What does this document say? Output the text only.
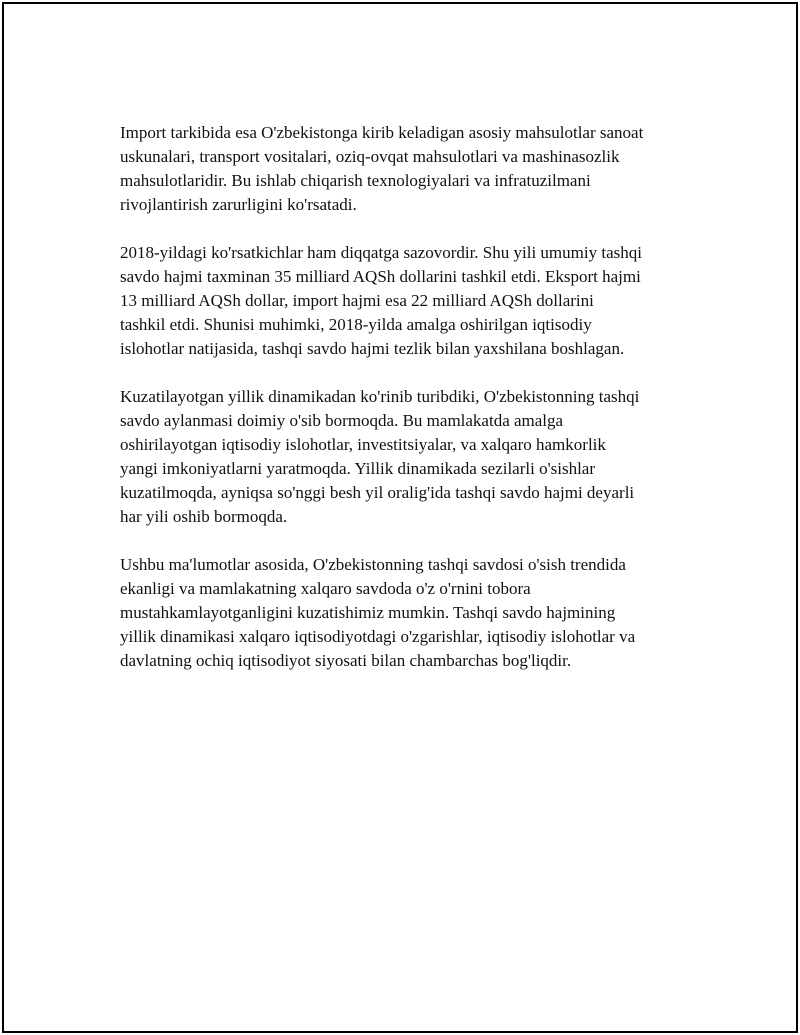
Import tarkibida esa O'zbekistonga kirib keladigan asosiy mahsulotlar sanoat
uskunalari, transport vositalari, oziq-ovqat mahsulotlari va mashinasozlik
mahsulotlaridir. Bu ishlab chiqarish texnologiyalari va infratuzilmani
rivojlantirish zarurligini ko'rsatadi.

2018-yildagi ko'rsatkichlar ham diqqatga sazovordir. Shu yili umumiy tashqi
savdo hajmi taxminan 35 milliard AQSh dollarini tashkil etdi. Eksport hajmi
13 milliard AQSh dollar, import hajmi esa 22 milliard AQSh dollarini
tashkil etdi. Shunisi muhimki, 2018-yilda amalga oshirilgan iqtisodiy
islohotlar natijasida, tashqi savdo hajmi tezlik bilan yaxshilana boshlagan.

Kuzatilayotgan yillik dinamikadan ko'rinib turibdiki, O'zbekistonning tashqi
savdo aylanmasi doimiy o'sib bormoqda. Bu mamlakatda amalga
oshirilayotgan iqtisodiy islohotlar, investitsiyalar, va xalqaro hamkorlik
yangi imkoniyatlarni yaratmoqda. Yillik dinamikada sezilarli o'sishlar
kuzatilmoqda, ayniqsa so'nggi besh yil oralig'ida tashqi savdo hajmi deyarli
har yili oshib bormoqda.

Ushbu ma'lumotlar asosida, O'zbekistonning tashqi savdosi o'sish trendida
ekanligi va mamlakatning xalqaro savdoda o'z o'rnini tobora
mustahkamlayotganligini kuzatishimiz mumkin. Tashqi savdo hajmining
yillik dinamikasi xalqaro iqtisodiyotdagi o'zgarishlar, iqtisodiy islohotlar va
davlatning ochiq iqtisodiyot siyosati bilan chambarchas bog'liqdir.
